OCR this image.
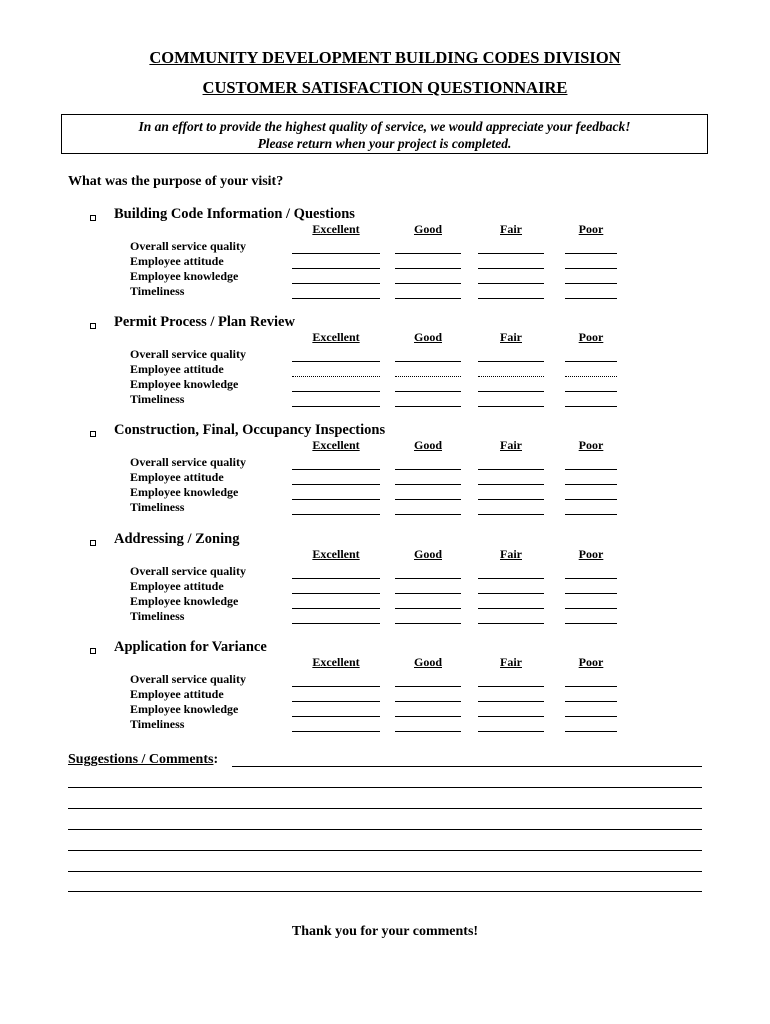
COMMUNITY DEVELOPMENT BUILDING CODES DIVISION
CUSTOMER SATISFACTION QUESTIONNAIRE
In an effort to provide the highest quality of service, we would appreciate your feedback!
Please return when your project is completed.
What was the purpose of your visit?
Building Code Information / Questions
Excellent	Good	Fair	Poor
Overall service quality
Employee attitude
Employee knowledge
Timeliness
Permit Process / Plan Review
Excellent	Good	Fair	Poor
Overall service quality
Employee attitude
Employee knowledge
Timeliness
Construction, Final, Occupancy Inspections
Excellent	Good	Fair	Poor
Overall service quality
Employee attitude
Employee knowledge
Timeliness
Addressing / Zoning
Excellent	Good	Fair	Poor
Overall service quality
Employee attitude
Employee knowledge
Timeliness
Application for Variance
Excellent	Good	Fair	Poor
Overall service quality
Employee attitude
Employee knowledge
Timeliness
Suggestions / Comments:
Thank you for your comments!
